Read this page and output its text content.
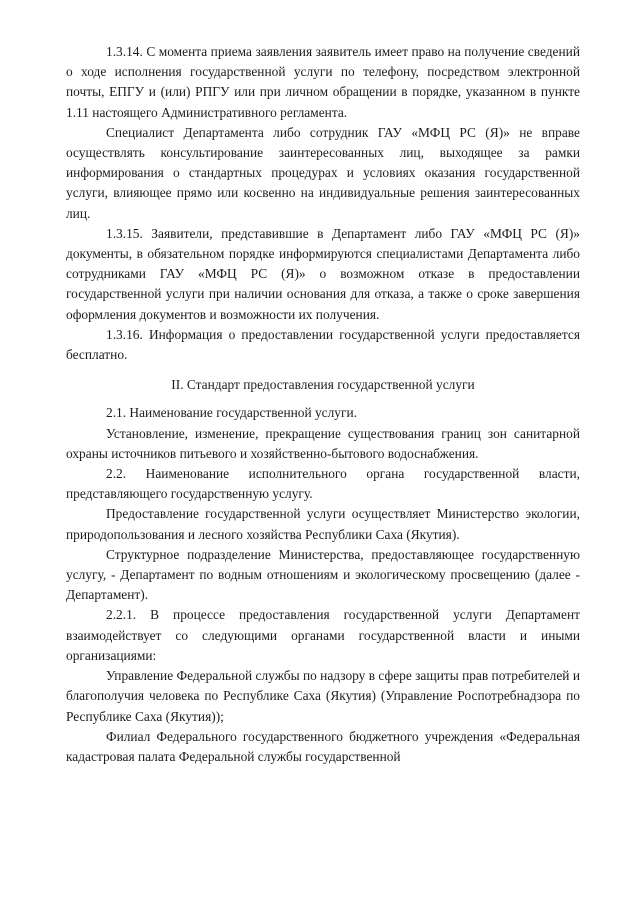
1.3.14. С момента приема заявления заявитель имеет право на получение сведений о ходе исполнения государственной услуги по телефону, посредством электронной почты, ЕПГУ и (или) РПГУ или при личном обращении в порядке, указанном в пункте 1.11 настоящего Административного регламента.

Специалист Департамента либо сотрудник ГАУ «МФЦ РС (Я)» не вправе осуществлять консультирование заинтересованных лиц, выходящее за рамки информирования о стандартных процедурах и условиях оказания государственной услуги, влияющее прямо или косвенно на индивидуальные решения заинтересованных лиц.

1.3.15. Заявители, представившие в Департамент либо ГАУ «МФЦ РС (Я)» документы, в обязательном порядке информируются специалистами Департамента либо сотрудниками ГАУ «МФЦ РС (Я)» о возможном отказе в предоставлении государственной услуги при наличии основания для отказа, а также о сроке завершения оформления документов и возможности их получения.

1.3.16. Информация о предоставлении государственной услуги предоставляется бесплатно.

II. Стандарт предоставления государственной услуги

2.1. Наименование государственной услуги.

Установление, изменение, прекращение существования границ зон санитарной охраны источников питьевого и хозяйственно-бытового водоснабжения.

2.2. Наименование исполнительного органа государственной власти, представляющего государственную услугу.

Предоставление государственной услуги осуществляет Министерство экологии, природопользования и лесного хозяйства Республики Саха (Якутия).

Структурное подразделение Министерства, предоставляющее государственную услугу, - Департамент по водным отношениям и экологическому просвещению (далее - Департамент).

2.2.1. В процессе предоставления государственной услуги Департамент взаимодействует со следующими органами государственной власти и иными организациями:

Управление Федеральной службы по надзору в сфере защиты прав потребителей и благополучия человека по Республике Саха (Якутия) (Управление Роспотребнадзора по Республике Саха (Якутия));

Филиал Федерального государственного бюджетного учреждения «Федеральная кадастровая палата Федеральной службы государственной
